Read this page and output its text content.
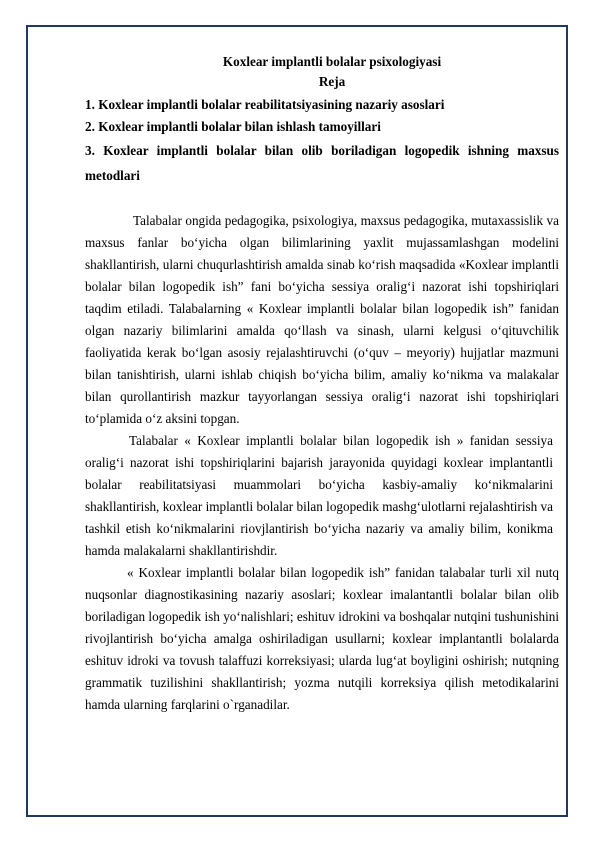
Koxlear implantli bolalar psixologiyasi
Reja
1. Koxlear implantli bolalar reabilitatsiyasining nazariy asoslari
2. Koxlear implantli bolalar bilan ishlash tamoyillari
3. Koxlear implantli bolalar bilan olib boriladigan logopedik ishning maxsus metodlari
Talabalar ongida pedagogika, psixologiya, maxsus pedagogika, mutaxassislik va maxsus fanlar bo‘yicha olgan bilimlarining yaxlit mujassamlashgan modelini shakllantirish, ularni chuqurlashtirish amalda sinab ko‘rish maqsadida «Koxlear implantli bolalar bilan logopedik ish” fani bo‘yicha sessiya oralig‘i nazorat ishi topshiriqlari taqdim etiladi. Talabalarning « Koxlear implantli bolalar bilan logopedik ish” fanidan olgan nazariy bilimlarini amalda qo‘llash va sinash, ularni kelgusi o‘qituvchilik faoliyatida kerak bo‘lgan asosiy rejalashtiruvchi (o‘quv – meyoriy) hujjatlar mazmuni bilan tanishtirish, ularni ishlab chiqish bo‘yicha bilim, amaliy ko‘nikma va malakalar bilan qurollantirish mazkur tayyorlangan sessiya oralig‘i nazorat ishi topshiriqlari to‘plamida o‘z aksini topgan.
Talabalar « Koxlear implantli bolalar bilan logopedik ish » fanidan sessiya oralig‘i nazorat ishi topshiriqlarini bajarish jarayonida quyidagi koxlear implantantli bolalar reabilitatsiyasi muammolari bo‘yicha kasbiy-amaliy ko‘nikmalarini shakllantirish, koxlear implantli bolalar bilan logopedik mashg‘ulotlarni rejalashtirish va tashkil etish ko‘nikmalarini riovjlantirish bo‘yicha nazariy va amaliy bilim, konikma hamda malakalarni shakllantirishdir.
« Koxlear implantli bolalar bilan logopedik ish” fanidan talabalar turli xil nutq nuqsonlar diagnostikasining nazariy asoslari; koxlear imalantantli bolalar bilan olib boriladigan logopedik ish yo‘nalishlari; eshituv idrokini va boshqalar nutqini tushunishini rivojlantirish bo‘yicha amalga oshiriladigan usullarni; koxlear implantantli bolalarda eshituv idroki va tovush talaffuzi korreksiyasi; ularda lug‘at boyligini oshirish; nutqning grammatik tuzilishini shakllantirish; yozma nutqili korreksiya qilish metodikalarini hamda ularning farqlarini o`rganadilar.
